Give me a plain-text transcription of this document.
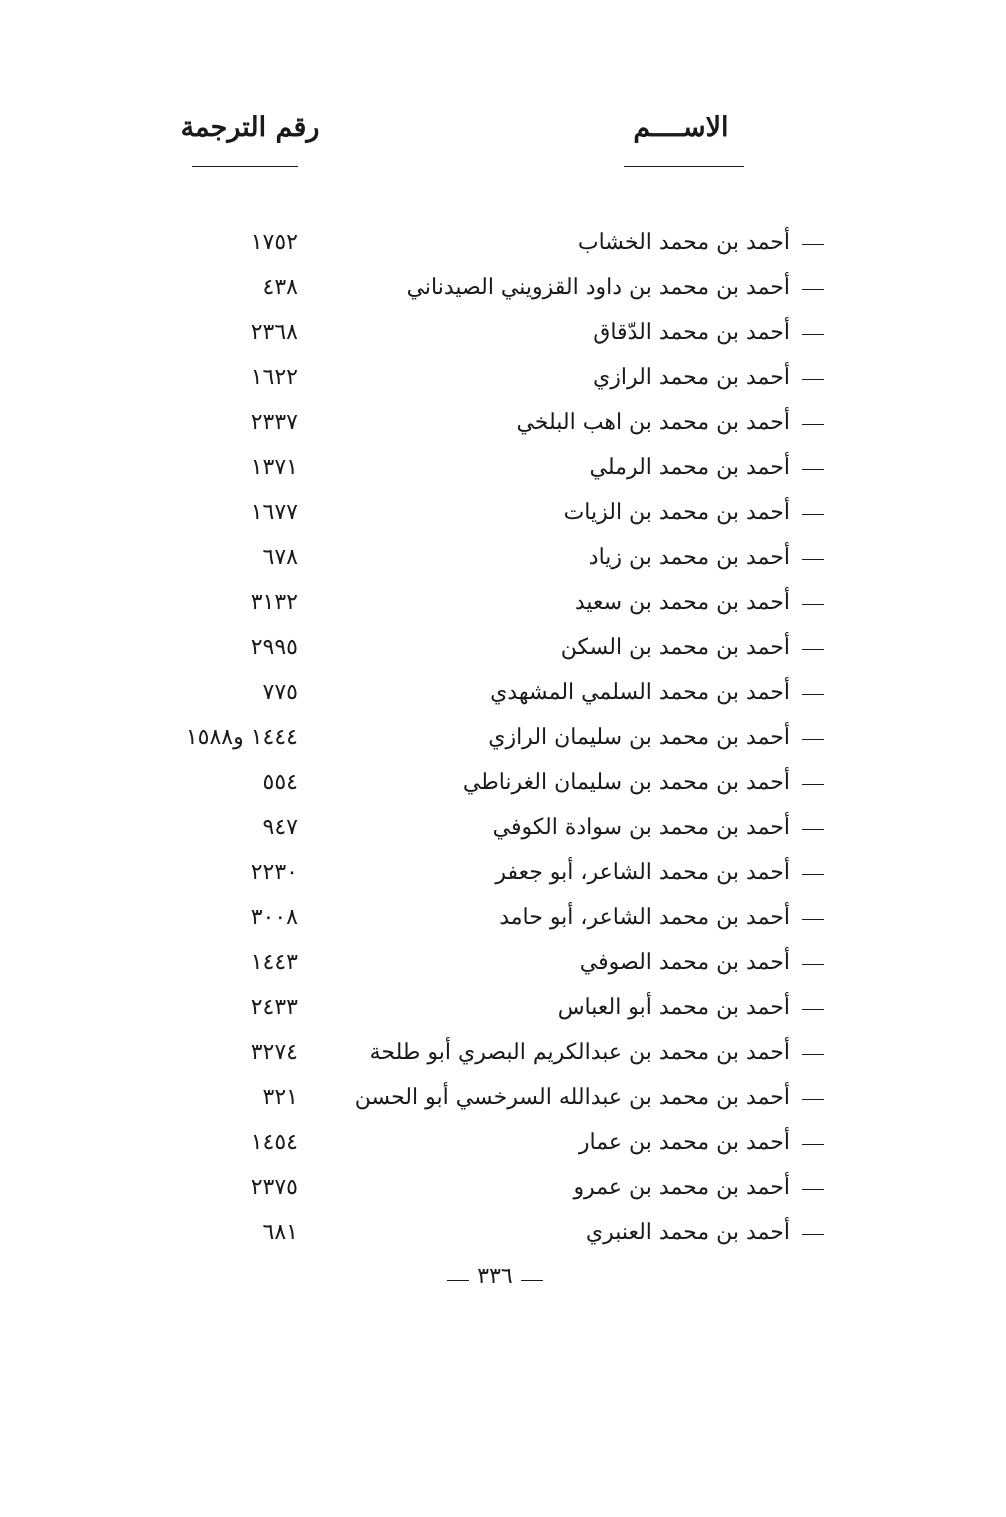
الاســــم
رقم الترجمة
أحمد بن محمد الخشاب
١٧٥٢
أحمد بن محمد بن داود القزويني الصيدناني
٤٣٨
أحمد بن محمد الدّقاق
٢٣٦٨
أحمد بن محمد الرازي
١٦٢٢
أحمد بن محمد بن اهب البلخي
٢٣٣٧
أحمد بن محمد الرملي
١٣٧١
أحمد بن محمد بن الزيات
١٦٧٧
أحمد بن محمد بن زياد
٦٧٨
أحمد بن محمد بن سعيد
٣١٣٢
أحمد بن محمد بن السكن
٢٩٩٥
أحمد بن محمد السلمي المشهدي
٧٧٥
أحمد بن محمد بن سليمان الرازي
١٤٤٤ و١٥٨٨
أحمد بن محمد بن سليمان الغرناطي
٥٥٤
أحمد بن محمد بن سوادة الكوفي
٩٤٧
أحمد بن محمد الشاعر، أبو جعفر
٢٢٣٠
أحمد بن محمد الشاعر، أبو حامد
٣٠٠٨
أحمد بن محمد الصوفي
١٤٤٣
أحمد بن محمد أبو العباس
٢٤٣٣
أحمد بن محمد بن عبدالكريم البصري أبو طلحة
٣٢٧٤
أحمد بن محمد بن عبدالله السرخسي أبو الحسن
٣٢١
أحمد بن محمد بن عمار
١٤٥٤
أحمد بن محمد بن عمرو
٢٣٧٥
أحمد بن محمد العنبري
٦٨١
٣٣٦
